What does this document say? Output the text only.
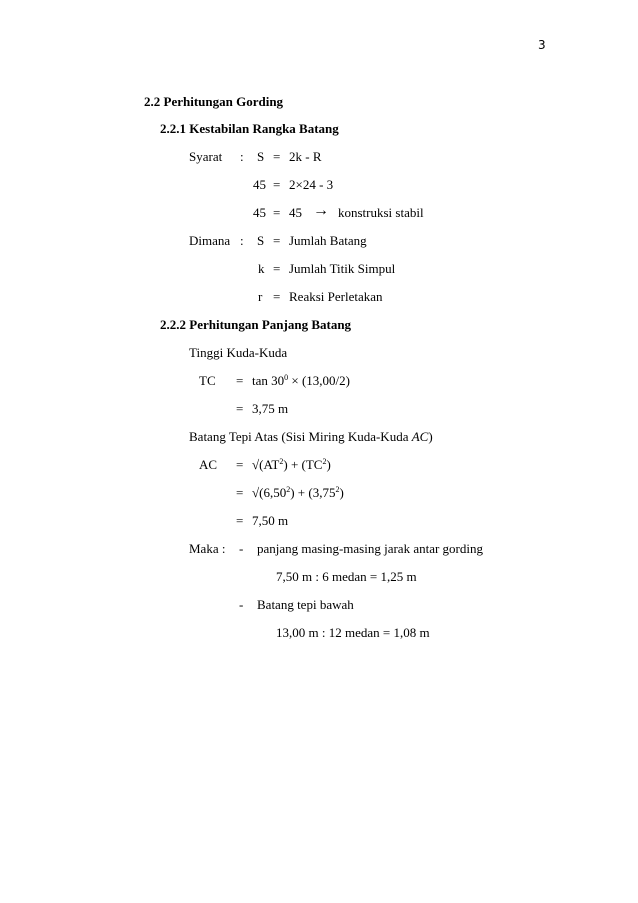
3
2.2 Perhitungan Gording
2.2.1 Kestabilan Rangka Batang
Syarat : S = 2k - R
45 = 2×24 - 3
45 = 45 → konstruksi stabil
Dimana : S = Jumlah Batang
k = Jumlah Titik Simpul
r = Reaksi Perletakan
2.2.2 Perhitungan Panjang Batang
Tinggi Kuda-Kuda
TC = $\tan 30^0 \times (13,00/2)$
= 3,75 m
Batang Tepi Atas (Sisi Miring Kuda-Kuda AC)
AC = $√(AT^2) + (TC^2)$
= $√(6,50^2) + (3,75^2)$
= 7,50 m
Maka : - panjang masing-masing jarak antar gording
7,50 m : 6 medan = 1,25 m
- Batang tepi bawah
13,00 m : 12 medan = 1,08 m
